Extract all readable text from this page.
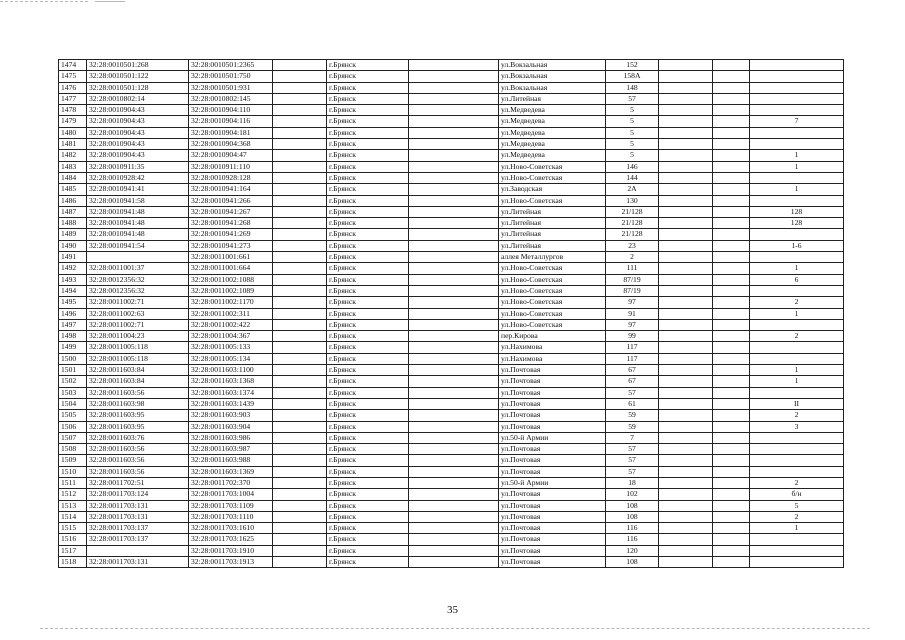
1474	32:28:0010501:268	32:28:0010501:2365		г.Брянск		ул.Вокзальная	152			
1475	32:28:0010501:122	32:28:0010501:750		г.Брянск		ул.Вокзальная	158А			
1476	32:28:0010501:128	32:28:0010501:931		г.Брянск		ул.Вокзальная	148			
1477	32:28:0010802:14	32:28:0010802:145		г.Брянск		ул.Литейная	57			
1478	32:28:0010904:43	32:28:0010904:110		г.Брянск		ул.Медведева	5			
1479	32:28:0010904:43	32:28:0010904:116		г.Брянск		ул.Медведева	5			7
1480	32:28:0010904:43	32:28:0010904:181		г.Брянск		ул.Медведева	5			
1481	32:28:0010904:43	32:28:0010904:368		г.Брянск		ул.Медведева	5			
1482	32:28:0010904:43	32:28:0010904:47		г.Брянск		ул.Медведева	5			1
1483	32:28:0010911:35	32:28:0010911:110		г.Брянск		ул.Ново-Советская	146			1
1484	32:28:0010928:42	32:28:0010928:128		г.Брянск		ул.Ново-Советская	144			
1485	32:28:0010941:41	32:28:0010941:164		г.Брянск		ул.Заводская	2А			1
1486	32:28:0010941:58	32:28:0010941:266		г.Брянск		ул.Ново-Советская	130			
1487	32:28:0010941:48	32:28:0010941:267		г.Брянск		ул.Литейная	21/128			128
1488	32:28:0010941:48	32:28:0010941:268		г.Брянск		ул.Литейная	21/128			128
1489	32:28:0010941:48	32:28:0010941:269		г.Брянск		ул.Литейная	21/128			
1490	32:28:0010941:54	32:28:0010941:273		г.Брянск		ул.Литейная	23			1-6
1491		32:28:0011001:661		г.Брянск		аллея Металлургов	2			
1492	32:28:0011001:37	32:28:0011001:664		г.Брянск		ул.Ново-Советская	111			1
1493	32:28:0012356:32	32:28:0011002:1088		г.Брянск		ул.Ново-Советская	87/19			6
1494	32:28:0012356:32	32:28:0011002:1089		г.Брянск		ул.Ново-Советская	87/19			
1495	32:28:0011002:71	32:28:0011002:1170		г.Брянск		ул.Ново-Советская	97			2
1496	32:28:0011002:63	32:28:0011002:311		г.Брянск		ул.Ново-Советская	91			1
1497	32:28:0011002:71	32:28:0011002:422		г.Брянск		ул.Ново-Советская	97			
1498	32:28:0011004:23	32:28:0011004:367		г.Брянск		пер.Кирова	99			2
1499	32:28:0011005:118	32:28:0011005:133		г.Брянск		ул.Нахимова	117			
1500	32:28:0011005:118	32:28:0011005:134		г.Брянск		ул.Нахимова	117			
1501	32:28:0011603:84	32:28:0011603:1100		г.Брянск		ул.Почтовая	67			1
1502	32:28:0011603:84	32:28:0011603:1368		г.Брянск		ул.Почтовая	67			1
1503	32:28:0011603:56	32:28:0011603:1374		г.Брянск		ул.Почтовая	57			
1504	32:28:0011603:98	32:28:0011603:1439		г.Брянск		ул.Почтовая	61			II
1505	32:28:0011603:95	32:28:0011603:903		г.Брянск		ул.Почтовая	59			2
1506	32:28:0011603:95	32:28:0011603:904		г.Брянск		ул.Почтовая	59			3
1507	32:28:0011603:76	32:28:0011603:986		г.Брянск		ул.50-й Армии	7			
1508	32:28:0011603:56	32:28:0011603:987		г.Брянск		ул.Почтовая	57			
1509	32:28:0011603:56	32:28:0011603:988		г.Брянск		ул.Почтовая	57			
1510	32:28:0011603:56	32:28:0011603:1369		г.Брянск		ул.Почтовая	57			
1511	32:28:0011702:51	32:28:0011702:370		г.Брянск		ул.50-й Армии	18			2
1512	32:28:0011703:124	32:28:0011703:1004		г.Брянск		ул.Почтовая	102			б/н
1513	32:28:0011703:131	32:28:0011703:1109		г.Брянск		ул.Почтовая	108			5
1514	32:28:0011703:131	32:28:0011703:1110		г.Брянск		ул.Почтовая	108			2
1515	32:28:0011703:137	32:28:0011703:1610		г.Брянск		ул.Почтовая	116			1
1516	32:28:0011703:137	32:28:0011703:1625		г.Брянск		ул.Почтовая	116			
1517		32:28:0011703:1910		г.Брянск		ул.Почтовая	120			
1518	32:28:0011703:131	32:28:0011703:1913		г.Брянск		ул.Почтовая	108			
35
